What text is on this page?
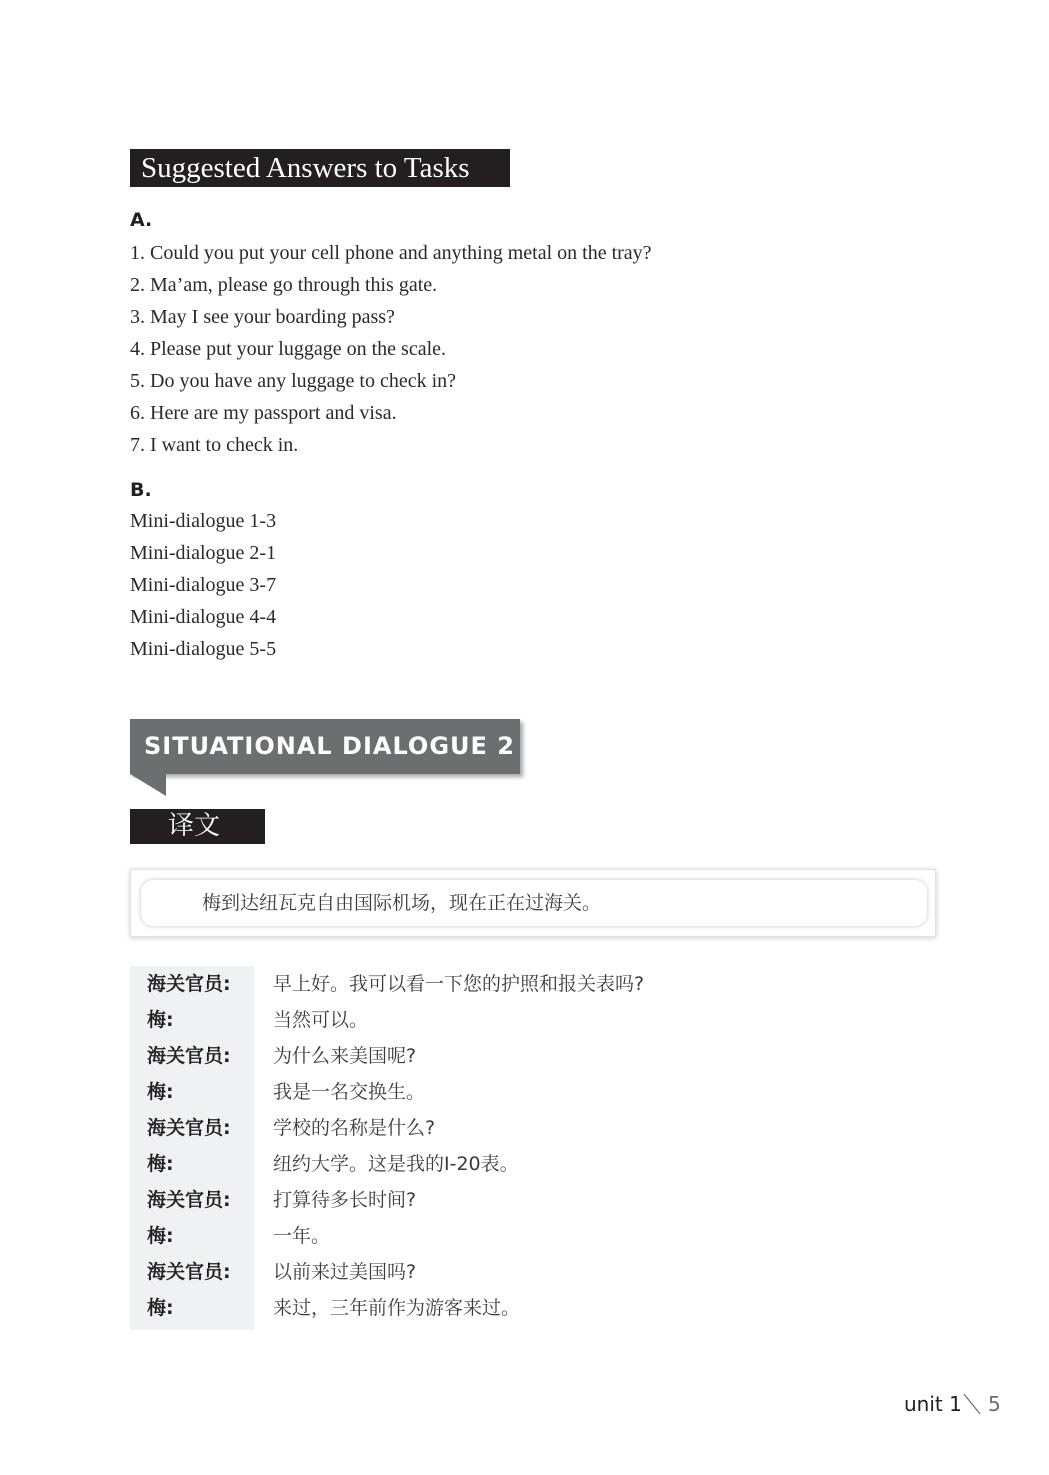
Suggested Answers to Tasks
A.
1. Could you put your cell phone and anything metal on the tray?
2. Ma’am, please go through this gate.
3. May I see your boarding pass?
4. Please put your luggage on the scale.
5. Do you have any luggage to check in?
6. Here are my passport and visa.
7. I want to check in.
B.
Mini-dialogue 1-3
Mini-dialogue 2-1
Mini-dialogue 3-7
Mini-dialogue 4-4
Mini-dialogue 5-5
SITUATIONAL DIALOGUE 2
译文
梅到达纽瓦克自由国际机场，现在正在过海关。
海关官员: 早上好。我可以看一下您的护照和报关表吗?
梅:	当然可以。
海关官员: 为什么来美国呢?
梅:	我是一名交换生。
海关官员: 学校的名称是什么?
梅:	纽约大学。这是我的I-20表。
海关官员: 打算待多长时间?
梅:	一年。
海关官员: 以前来过美国吗?
梅:	来过，三年前作为游客来过。
unit 1 5
